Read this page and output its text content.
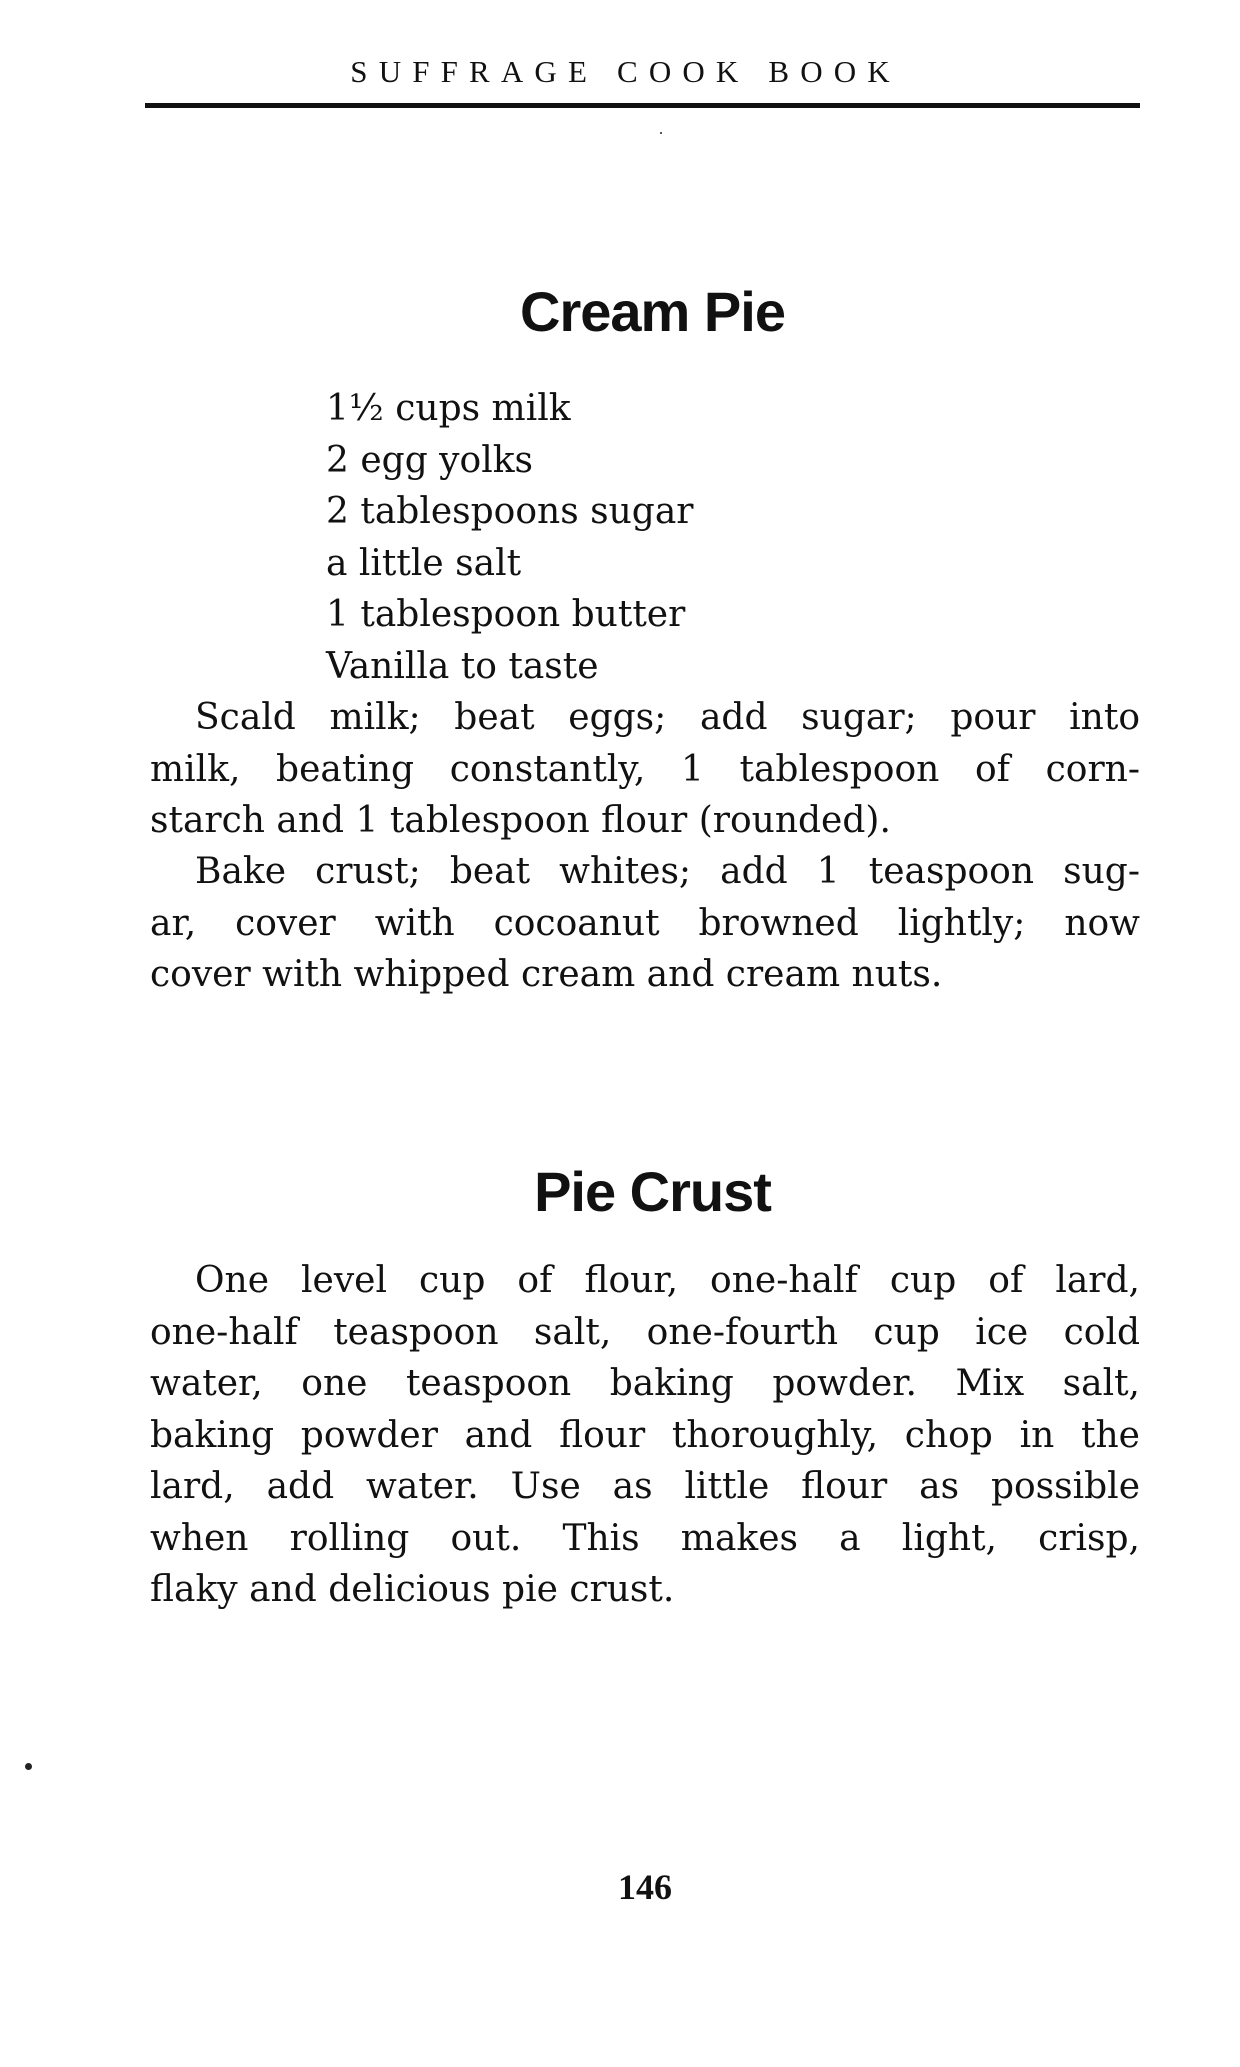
SUFFRAGE COOK BOOK
Cream Pie
1½ cups milk
2 egg yolks
2 tablespoons sugar
a little salt
1 tablespoon butter
Vanilla to taste
Scald milk; beat eggs; add sugar; pour into
milk, beating constantly, 1 tablespoon of corn-
starch and 1 tablespoon flour (rounded).
Bake crust; beat whites; add 1 teaspoon sug-
ar, cover with cocoanut browned lightly; now
cover with whipped cream and cream nuts.
Pie Crust
One level cup of flour, one-half cup of lard,
one-half teaspoon salt, one-fourth cup ice cold
water, one teaspoon baking powder. Mix salt,
baking powder and flour thoroughly, chop in the
lard, add water. Use as little flour as possible
when rolling out. This makes a light, crisp,
flaky and delicious pie crust.
146
